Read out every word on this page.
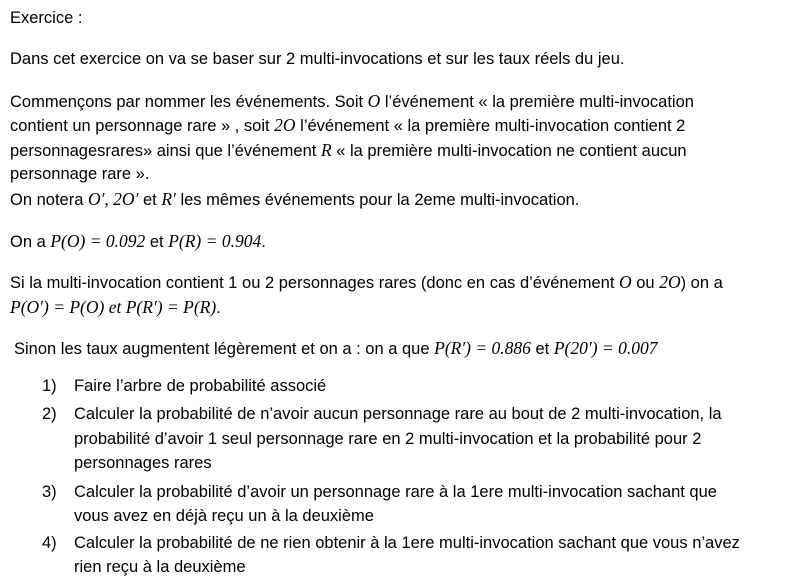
Exercice :
Dans cet exercice on va se baser sur 2 multi-invocations et sur les taux réels du jeu.
Commençons par nommer les événements. Soit O l’événement « la première multi-invocation
contient un personnage rare » , soit 2O l’événement « la première multi-invocation contient 2
personnagesrares» ainsi que l’événement R « la première multi-invocation ne contient aucun
personnage rare ».
On notera O′, 2O′ et R′ les mêmes événements pour la 2eme multi-invocation.
On a P(O) = 0.092 et P(R) = 0.904.
Si la multi-invocation contient 1 ou 2 personnages rares (donc en cas d’événement O ou 2O) on a
P(O′) = P(O) et P(R′) = P(R).
Sinon les taux augmentent légèrement et on a : on a que P(R′) = 0.886 et P(20′) = 0.007
1) Faire l’arbre de probabilité associé
2) Calculer la probabilité de n’avoir aucun personnage rare au bout de 2 multi-invocation, la
probabilité d’avoir 1 seul personnage rare en 2 multi-invocation et la probabilité pour 2
personnages rares
3) Calculer la probabilité d’avoir un personnage rare à la 1ere multi-invocation sachant que
vous avez en déjà reçu un à la deuxième
4) Calculer la probabilité de ne rien obtenir à la 1ere multi-invocation sachant que vous n’avez
rien reçu à la deuxième
